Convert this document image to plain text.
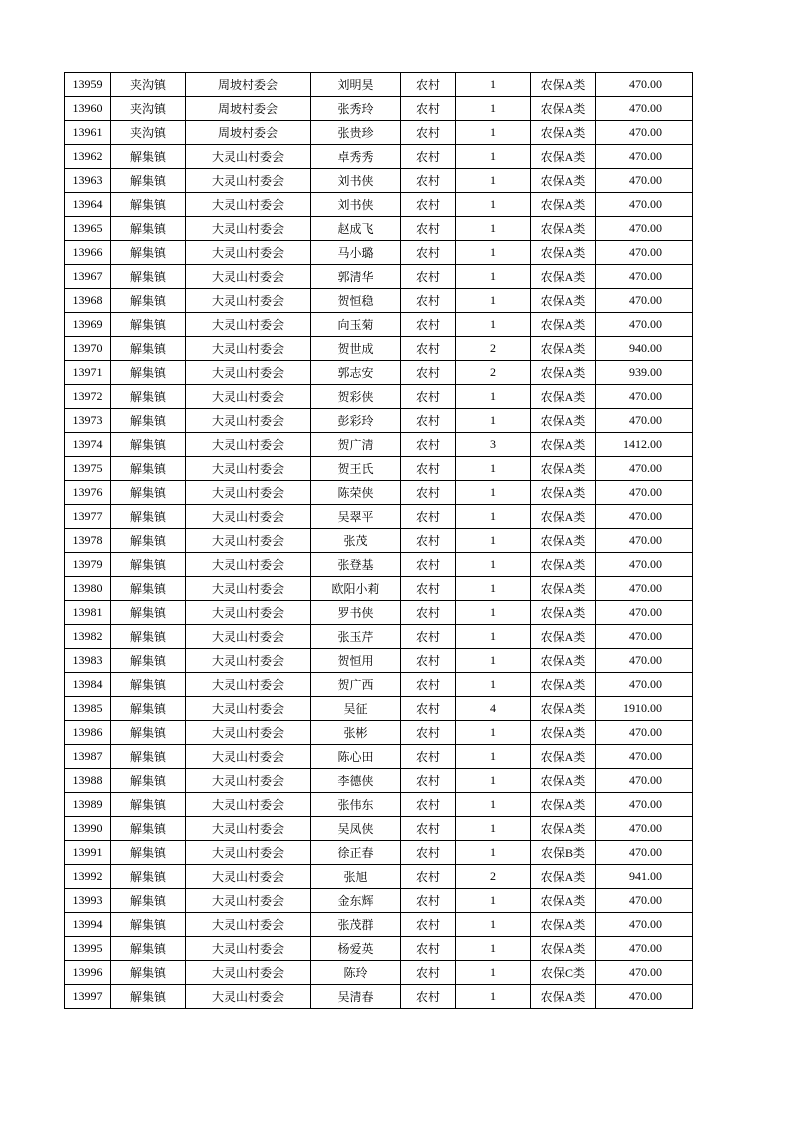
13959	夹沟镇	周坡村委会	刘明昊	农村	1	农保A类	470.00
13960	夹沟镇	周坡村委会	张秀玲	农村	1	农保A类	470.00
13961	夹沟镇	周坡村委会	张贵珍	农村	1	农保A类	470.00
13962	解集镇	大灵山村委会	卓秀秀	农村	1	农保A类	470.00
13963	解集镇	大灵山村委会	刘书侠	农村	1	农保A类	470.00
13964	解集镇	大灵山村委会	刘书侠	农村	1	农保A类	470.00
13965	解集镇	大灵山村委会	赵成飞	农村	1	农保A类	470.00
13966	解集镇	大灵山村委会	马小璐	农村	1	农保A类	470.00
13967	解集镇	大灵山村委会	郭清华	农村	1	农保A类	470.00
13968	解集镇	大灵山村委会	贺恒稳	农村	1	农保A类	470.00
13969	解集镇	大灵山村委会	向玉菊	农村	1	农保A类	470.00
13970	解集镇	大灵山村委会	贺世成	农村	2	农保A类	940.00
13971	解集镇	大灵山村委会	郭志安	农村	2	农保A类	939.00
13972	解集镇	大灵山村委会	贺彩侠	农村	1	农保A类	470.00
13973	解集镇	大灵山村委会	彭彩玲	农村	1	农保A类	470.00
13974	解集镇	大灵山村委会	贺广清	农村	3	农保A类	1412.00
13975	解集镇	大灵山村委会	贺王氏	农村	1	农保A类	470.00
13976	解集镇	大灵山村委会	陈荣侠	农村	1	农保A类	470.00
13977	解集镇	大灵山村委会	吴翠平	农村	1	农保A类	470.00
13978	解集镇	大灵山村委会	张茂	农村	1	农保A类	470.00
13979	解集镇	大灵山村委会	张登基	农村	1	农保A类	470.00
13980	解集镇	大灵山村委会	欧阳小莉	农村	1	农保A类	470.00
13981	解集镇	大灵山村委会	罗书侠	农村	1	农保A类	470.00
13982	解集镇	大灵山村委会	张玉芹	农村	1	农保A类	470.00
13983	解集镇	大灵山村委会	贺恒用	农村	1	农保A类	470.00
13984	解集镇	大灵山村委会	贺广西	农村	1	农保A类	470.00
13985	解集镇	大灵山村委会	吴征	农村	4	农保A类	1910.00
13986	解集镇	大灵山村委会	张彬	农村	1	农保A类	470.00
13987	解集镇	大灵山村委会	陈心田	农村	1	农保A类	470.00
13988	解集镇	大灵山村委会	李德侠	农村	1	农保A类	470.00
13989	解集镇	大灵山村委会	张伟东	农村	1	农保A类	470.00
13990	解集镇	大灵山村委会	吴凤侠	农村	1	农保A类	470.00
13991	解集镇	大灵山村委会	徐正春	农村	1	农保B类	470.00
13992	解集镇	大灵山村委会	张旭	农村	2	农保A类	941.00
13993	解集镇	大灵山村委会	金东辉	农村	1	农保A类	470.00
13994	解集镇	大灵山村委会	张茂群	农村	1	农保A类	470.00
13995	解集镇	大灵山村委会	杨爱英	农村	1	农保A类	470.00
13996	解集镇	大灵山村委会	陈玲	农村	1	农保C类	470.00
13997	解集镇	大灵山村委会	吴清春	农村	1	农保A类	470.00
